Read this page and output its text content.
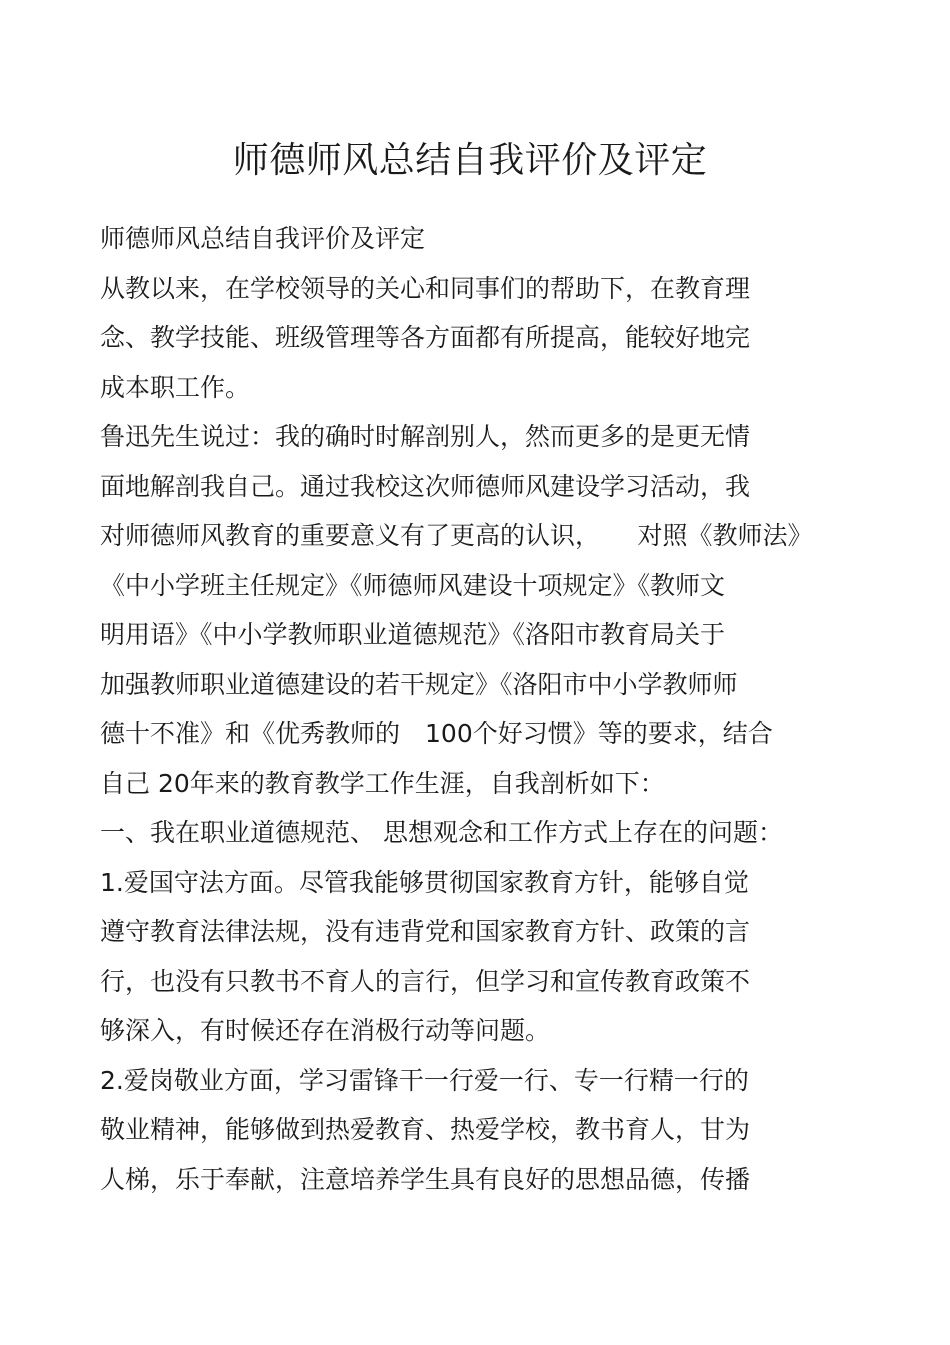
师德师风总结自我评价及评定
师德师风总结自我评价及评定
从教以来，在学校领导的关心和同事们的帮助下，在教育理
念、教学技能、班级管理等各方面都有所提高，能较好地完
成本职工作。
鲁迅先生说过：我的确时时解剖别人，然而更多的是更无情
面地解剖我自己。通过我校这次师德师风建设学习活动，我
对师德师风教育的重要意义有了更高的认识，　　对照《教师法》
《中小学班主任规定》《师德师风建设十项规定》《教师文
明用语》《中小学教师职业道德规范》《洛阳市教育局关于
加强教师职业道德建设的若干规定》《洛阳市中小学教师师
德十不准》和《优秀教师的　100个好习惯》等的要求，结合
自己 20年来的教育教学工作生涯，自我剖析如下：
一、我在职业道德规范、 思想观念和工作方式上存在的问题：
1.爱国守法方面。尽管我能够贯彻国家教育方针，能够自觉
遵守教育法律法规，没有违背党和国家教育方针、政策的言
行，也没有只教书不育人的言行，但学习和宣传教育政策不
够深入，有时候还存在消极行动等问题。
2.爱岗敬业方面，学习雷锋干一行爱一行、专一行精一行的
敬业精神，能够做到热爱教育、热爱学校，教书育人，甘为
人梯，乐于奉献，注意培养学生具有良好的思想品德，传播
